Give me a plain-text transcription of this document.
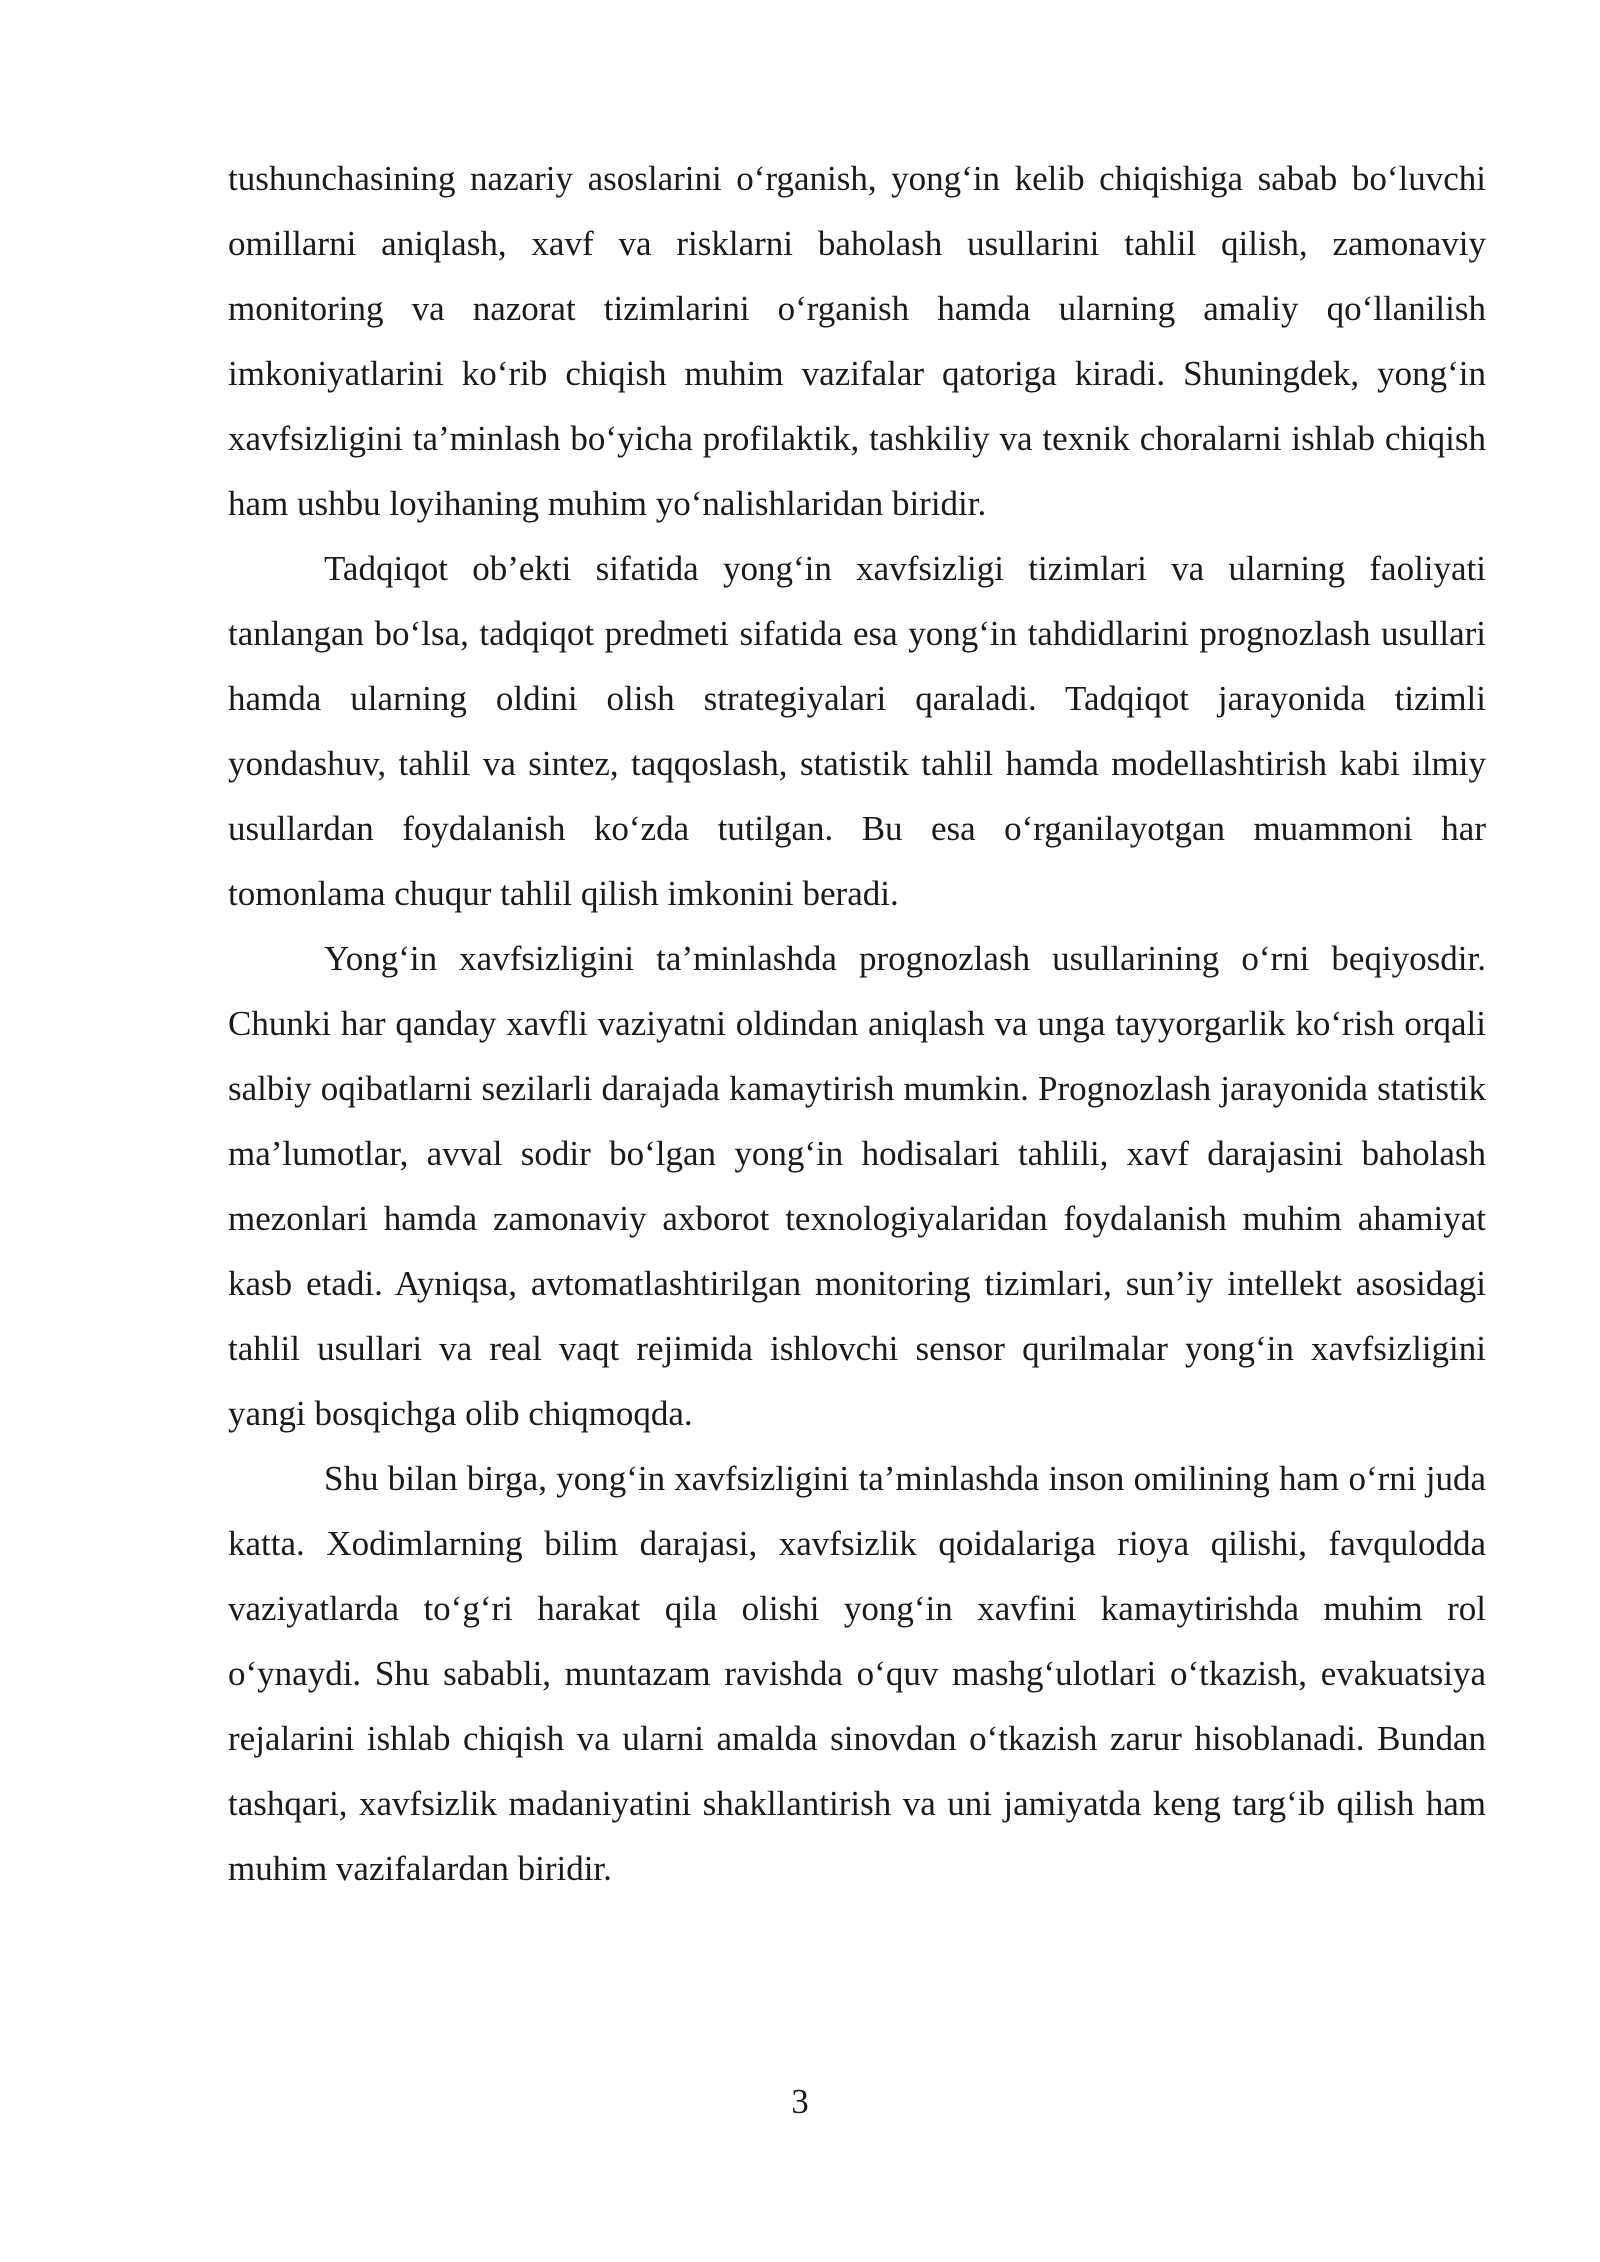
tushunchasining nazariy asoslarini o‘rganish, yong‘in kelib chiqishiga sabab bo‘luvchi omillarni aniqlash, xavf va risklarni baholash usullarini tahlil qilish, zamonaviy monitoring va nazorat tizimlarini o‘rganish hamda ularning amaliy qo‘llanilish imkoniyatlarini ko‘rib chiqish muhim vazifalar qatoriga kiradi. Shuningdek, yong‘in xavfsizligini ta’minlash bo‘yicha profilaktik, tashkiliy va texnik choralarni ishlab chiqish ham ushbu loyihaning muhim yo‘nalishlaridan biridir.

Tadqiqot ob’ekti sifatida yong‘in xavfsizligi tizimlari va ularning faoliyati tanlangan bo‘lsa, tadqiqot predmeti sifatida esa yong‘in tahdidlarini prognozlash usullari hamda ularning oldini olish strategiyalari qaraladi. Tadqiqot jarayonida tizimli yondashuv, tahlil va sintez, taqqoslash, statistik tahlil hamda modellashtirish kabi ilmiy usullardan foydalanish ko‘zda tutilgan. Bu esa o‘rganilayotgan muammoni har tomonlama chuqur tahlil qilish imkonini beradi.

Yong‘in xavfsizligini ta’minlashda prognozlash usullarining o‘rni beqiyosdir. Chunki har qanday xavfli vaziyatni oldindan aniqlash va unga tayyorgarlik ko‘rish orqali salbiy oqibatlarni sezilarli darajada kamaytirish mumkin. Prognozlash jarayonida statistik ma’lumotlar, avval sodir bo‘lgan yong‘in hodisalari tahlili, xavf darajasini baholash mezonlari hamda zamonaviy axborot texnologiyalaridan foydalanish muhim ahamiyat kasb etadi. Ayniqsa, avtomatlashtirilgan monitoring tizimlari, sun’iy intellekt asosidagi tahlil usullari va real vaqt rejimida ishlovchi sensor qurilmalar yong‘in xavfsizligini yangi bosqichga olib chiqmoqda.

Shu bilan birga, yong‘in xavfsizligini ta’minlashda inson omilining ham o‘rni juda katta. Xodimlarning bilim darajasi, xavfsizlik qoidalariga rioya qilishi, favqulodda vaziyatlarda to‘g‘ri harakat qila olishi yong‘in xavfini kamaytirishda muhim rol o‘ynaydi. Shu sababli, muntazam ravishda o‘quv mashg‘ulotlari o‘tkazish, evakuatsiya rejalarini ishlab chiqish va ularni amalda sinovdan o‘tkazish zarur hisoblanadi. Bundan tashqari, xavfsizlik madaniyatini shakllantirish va uni jamiyatda keng targ‘ib qilish ham muhim vazifalardan biridir.

3
